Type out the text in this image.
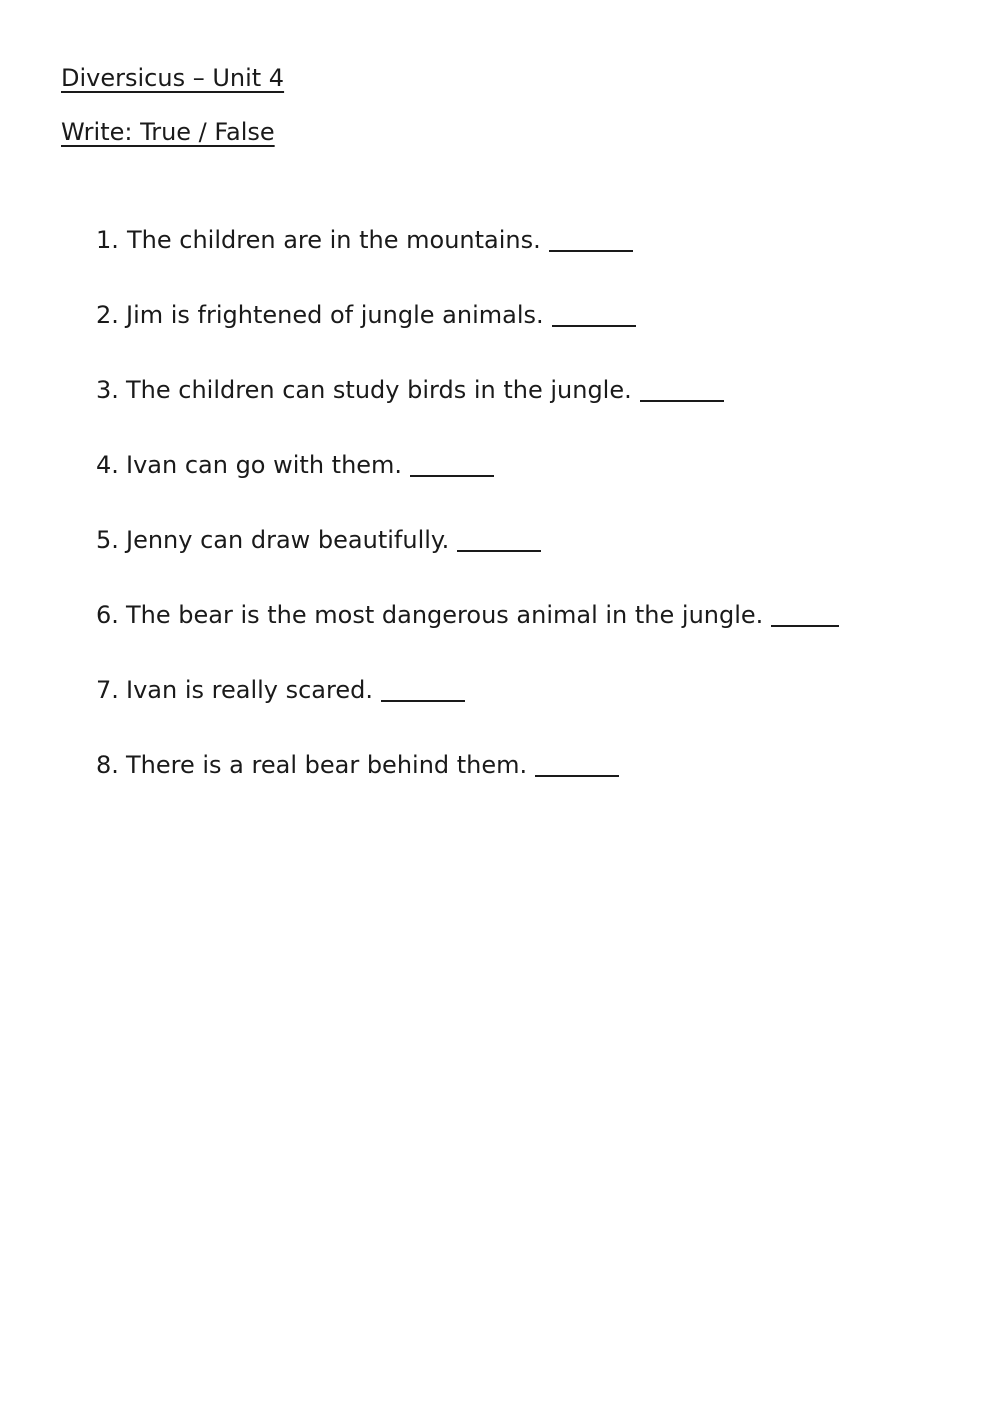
Diversicus – Unit 4
Write: True / False
1. The children are in the mountains.
2. Jim is frightened of jungle animals.
3. The children can study birds in the jungle.
4. Ivan can go with them.
5. Jenny can draw beautifully.
6. The bear is the most dangerous animal in the jungle.
7. Ivan is really scared.
8. There is a real bear behind them.
